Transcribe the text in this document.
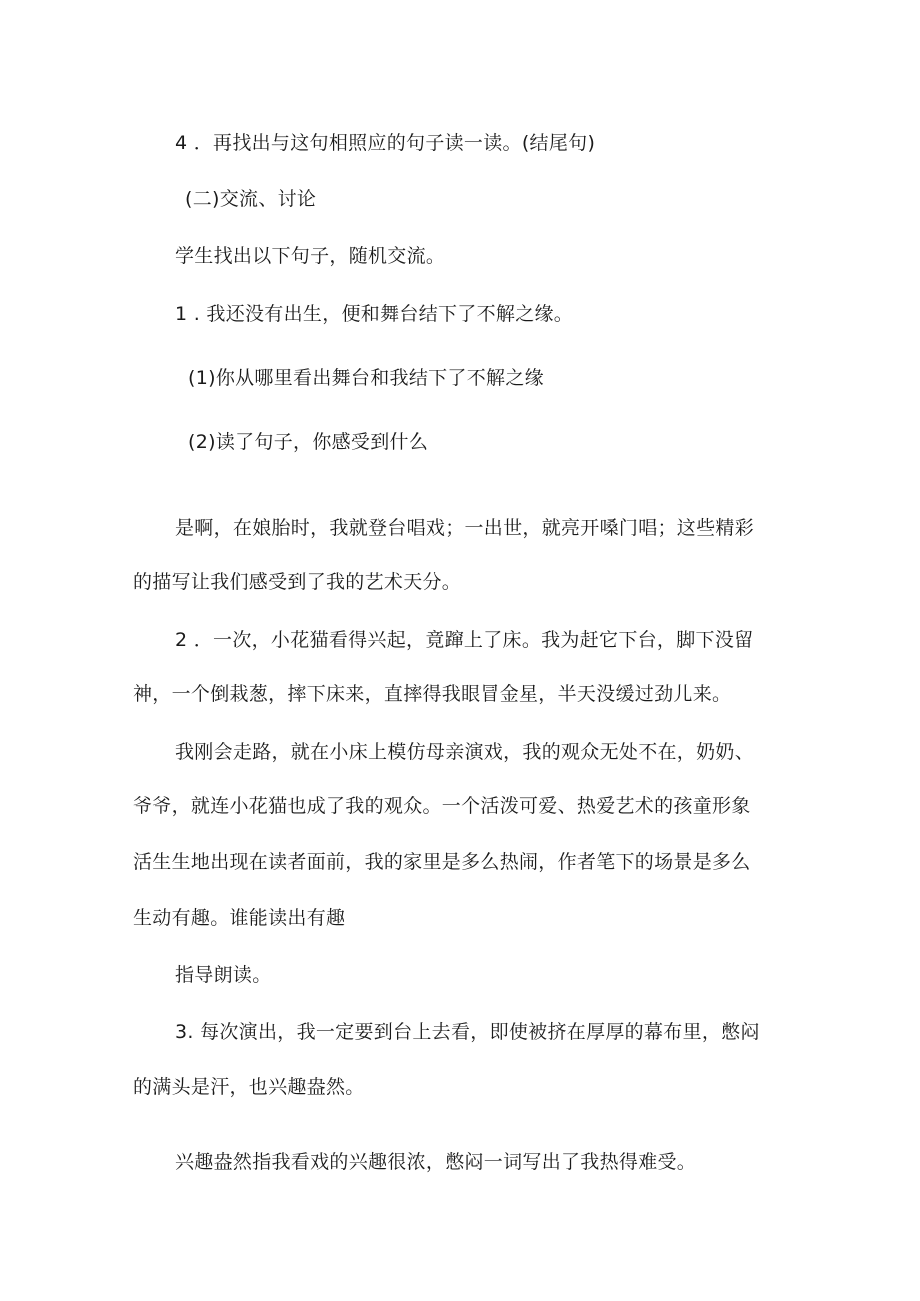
4 ．再找出与这句相照应的句子读一读。(结尾句)
(二)交流、讨论
学生找出以下句子，随机交流。
1 . 我还没有出生，便和舞台结下了不解之缘。
(1)你从哪里看出舞台和我结下了不解之缘
(2)读了句子，你感受到什么
是啊，在娘胎时，我就登台唱戏；一出世，就亮开嗓门唱；这些精彩
的描写让我们感受到了我的艺术天分。
2 ．一次，小花猫看得兴起，竟蹿上了床。我为赶它下台，脚下没留
神，一个倒栽葱，摔下床来，直摔得我眼冒金星，半天没缓过劲儿来。
我刚会走路，就在小床上模仿母亲演戏，我的观众无处不在，奶奶、
爷爷，就连小花猫也成了我的观众。一个活泼可爱、热爱艺术的孩童形象
活生生地出现在读者面前，我的家里是多么热闹，作者笔下的场景是多么
生动有趣。谁能读出有趣
指导朗读。
3. 每次演出，我一定要到台上去看，即使被挤在厚厚的幕布里，憋闷
的满头是汗，也兴趣盎然。
兴趣盎然指我看戏的兴趣很浓，憋闷一词写出了我热得难受。
